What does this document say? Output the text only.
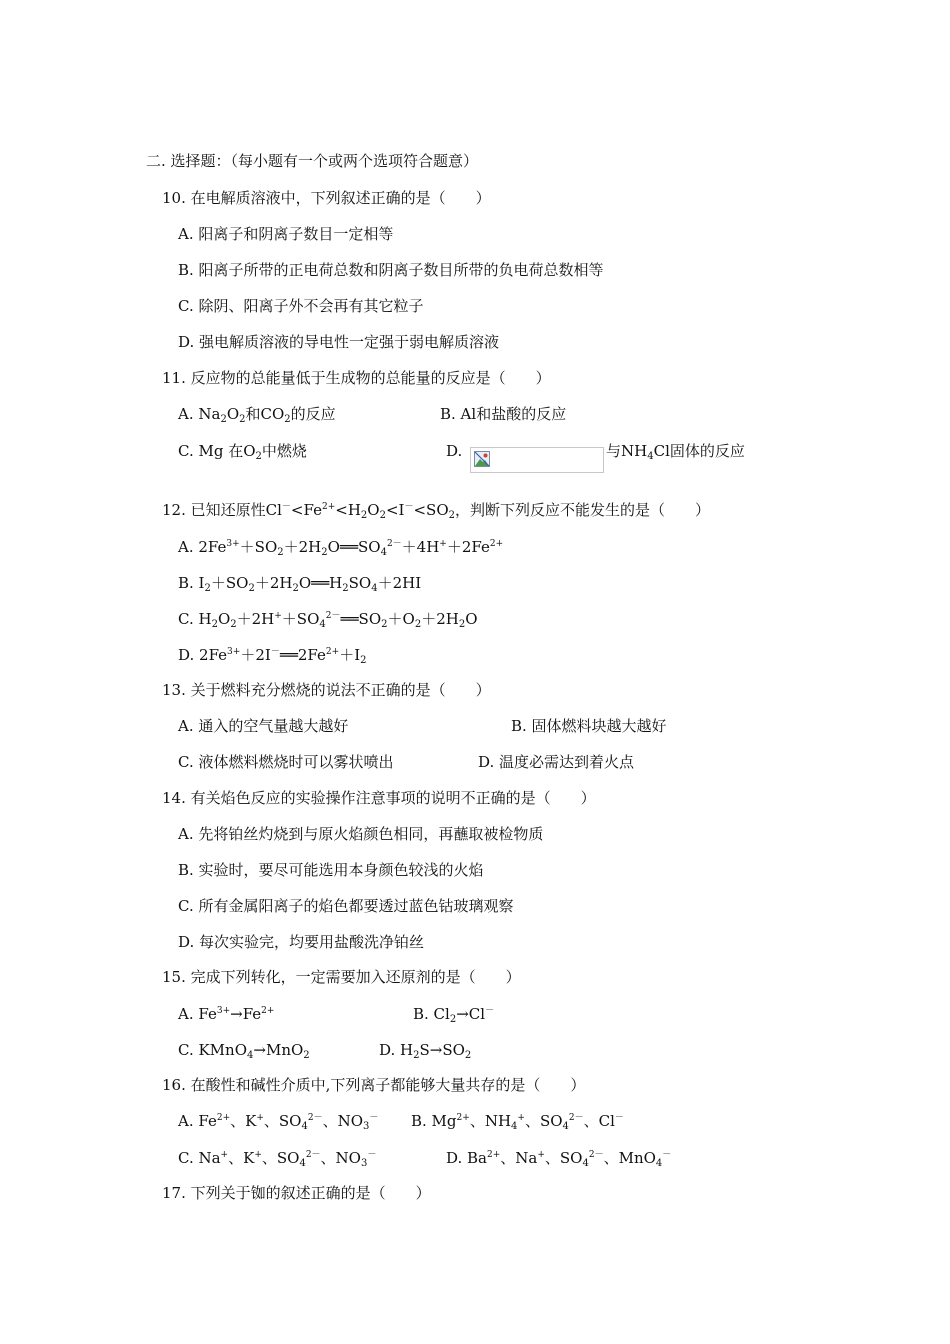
二. 选择题：（每小题有一个或两个选项符合题意）
10. 在电解质溶液中，下列叙述正确的是（　　）
A. 阳离子和阴离子数目一定相等
B. 阳离子所带的正电荷总数和阴离子数目所带的负电荷总数相等
C. 除阴、阳离子外不会再有其它粒子
D. 强电解质溶液的导电性一定强于弱电解质溶液
11. 反应物的总能量低于生成物的总能量的反应是（　　）
A. $Na_2O_2$和$CO_2$的反应	B. Al和盐酸的反应
C. Mg 在$O_2$中燃烧	D.	与$NH_4Cl$固体的反应
12. 已知还原性$Cl^-<Fe^{2+}<H_2O_2<I^-<SO_2$，判断下列反应不能发生的是（　　）
A. $2Fe^{3+}+SO_2+2H_2O══SO_4^{2-}+4H^++2Fe^{2+}$
B. $I_2+SO_2+2H_2O══H_2SO_4+2HI$
C. $H_2O_2+2H^++SO_4^{2-}══SO_2+O_2+2H_2O$
D. $2Fe^{3+}+2I^-══2Fe^{2+}+I_2$
13. 关于燃料充分燃烧的说法不正确的是（　　）
A. 通入的空气量越大越好	B. 固体燃料块越大越好
C. 液体燃料燃烧时可以雾状喷出	D. 温度必需达到着火点
14. 有关焰色反应的实验操作注意事项的说明不正确的是（　　）
A. 先将铂丝灼烧到与原火焰颜色相同，再蘸取被检物质
B. 实验时，要尽可能选用本身颜色较浅的火焰
C. 所有金属阳离子的焰色都要透过蓝色钴玻璃观察
D. 每次实验完，均要用盐酸洗净铂丝
15. 完成下列转化，一定需要加入还原剂的是（　　）
A. $Fe^{3+}\to Fe^{2+}$	B. $Cl_2\to Cl^-$
C. KMnO$_4$→MnO$_2$	D. $H_2S\to SO_2$
16. 在酸性和碱性介质中,下列离子都能够大量共存的是（　　）
A. $Fe^{2+}$、K+、$SO_4^{2-}$、$NO_3^-$ B. $Mg^{2+}$、$NH_4^+$、$SO_4^{2-}$、Cl－
C. Na+、K+、$SO_4^{2-}$、$NO_3^-$	D. $Ba^{2+}$、Na+、$SO_4^{2-}$、MnO$_4$－
17. 下列关于铷的叙述正确的是（　　）
